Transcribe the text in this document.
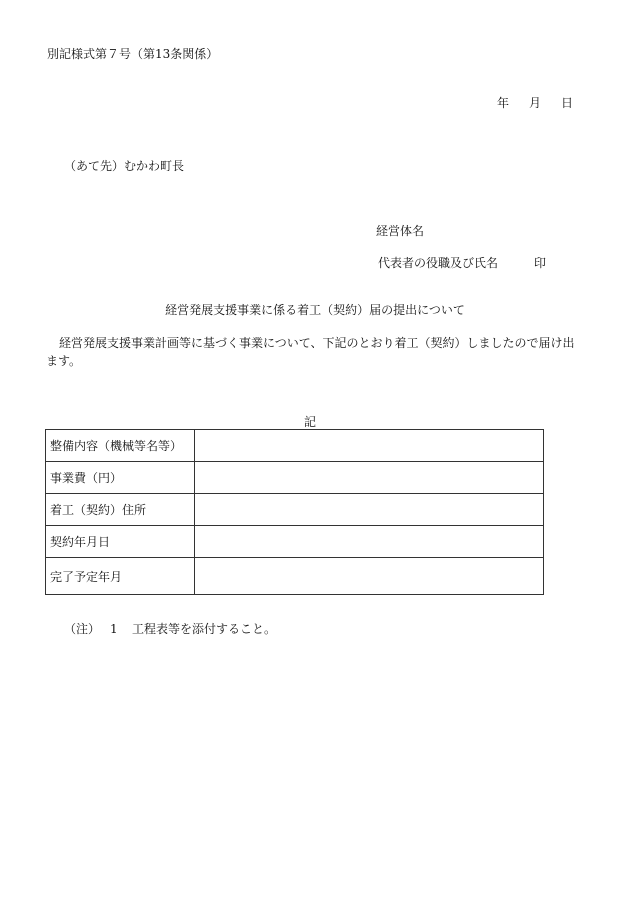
別記様式第７号（第13条関係）
年 月 日
（あて先）むかわ町長
経営体名
代表者の役職及び氏名	印
経営発展支援事業に係る着工（契約）届の提出について
経営発展支援事業計画等に基づく事業について、下記のとおり着工（契約）しましたので届け出ます。
記
整備内容（機械等名等）	
事業費（円）	
着工（契約）住所	
契約年月日	
完了予定年月	
（注） 1 工程表等を添付すること。
